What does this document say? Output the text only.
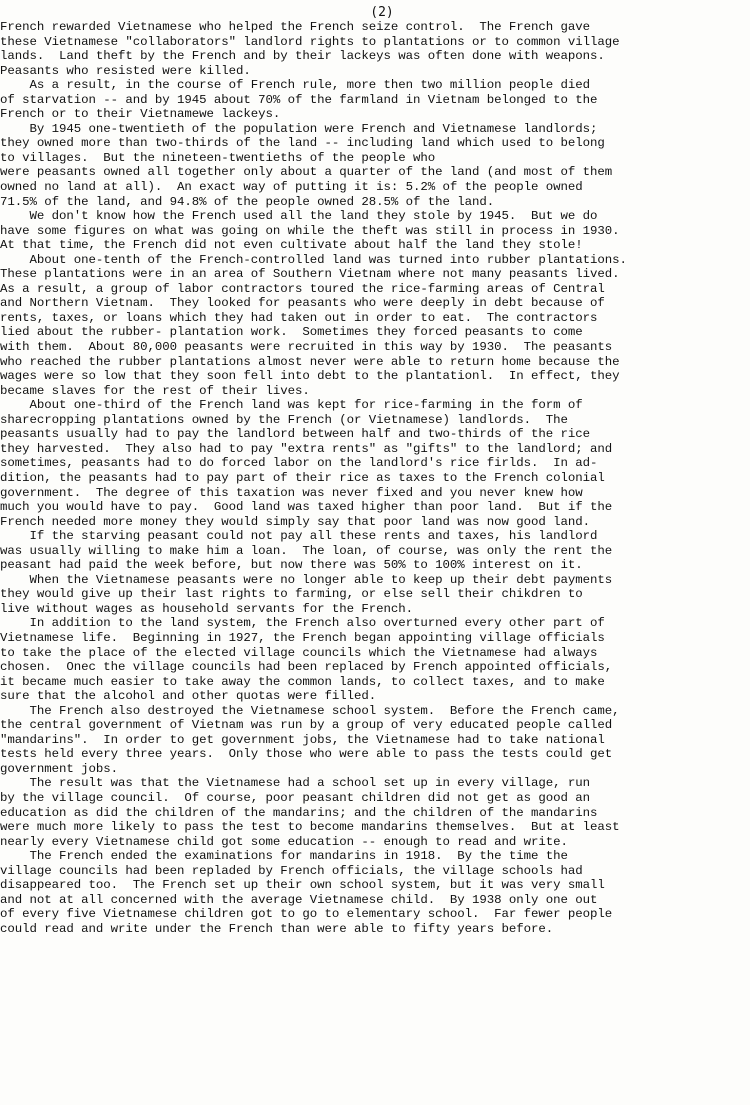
(2)
French rewarded Vietnamese who helped the French seize control.  The French gave
these Vietnamese "collaborators" landlord rights to plantations or to common village
lands.  Land theft by the French and by their lackeys was often done with weapons.
Peasants who resisted were killed.
As a result, in the course of French rule, more then two million people died
of starvation -- and by 1945 about 70% of the farmland in Vietnam belonged to the
French or to their Vietnamewe lackeys.
By 1945 one-twentieth of the population were French and Vietnamese landlords;
they owned more than two-thirds of the land -- including land which used to belong
to villages.  But the nineteen-twentieths of the people who
were peasants owned all together only about a quarter of the land (and most of them
owned no land at all).  An exact way of putting it is: 5.2% of the people owned
71.5% of the land, and 94.8% of the people owned 28.5% of the land.
We don't know how the French used all the land they stole by 1945.  But we do
have some figures on what was going on while the theft was still in process in 1930.
At that time, the French did not even cultivate about half the land they stole!
About one-tenth of the French-controlled land was turned into rubber plantations.
These plantations were in an area of Southern Vietnam where not many peasants lived.
As a result, a group of labor contractors toured the rice-farming areas of Central
and Northern Vietnam.  They looked for peasants who were deeply in debt because of
rents, taxes, or loans which they had taken out in order to eat.  The contractors
lied about the rubber- plantation work.  Sometimes they forced peasants to come
with them.  About 80,000 peasants were recruited in this way by 1930.  The peasants
who reached the rubber plantations almost never were able to return home because the
wages were so low that they soon fell into debt to the plantationl.  In effect, they
became slaves for the rest of their lives.
About one-third of the French land was kept for rice-farming in the form of
sharecropping plantations owned by the French (or Vietnamese) landlords.  The
peasants usually had to pay the landlord between half and two-thirds of the rice
they harvested.  They also had to pay "extra rents" as "gifts" to the landlord; and
sometimes, peasants had to do forced labor on the landlord's rice firlds.  In ad-
dition, the peasants had to pay part of their rice as taxes to the French colonial
government.  The degree of this taxation was never fixed and you never knew how
much you would have to pay.  Good land was taxed higher than poor land.  But if the
French needed more money they would simply say that poor land was now good land.
If the starving peasant could not pay all these rents and taxes, his landlord
was usually willing to make him a loan.  The loan, of course, was only the rent the
peasant had paid the week before, but now there was 50% to 100% interest on it.
When the Vietnamese peasants were no longer able to keep up their debt payments
they would give up their last rights to farming, or else sell their chikdren to
live without wages as household servants for the French.
In addition to the land system, the French also overturned every other part of
Vietnamese life.  Beginning in 1927, the French began appointing village officials
to take the place of the elected village councils which the Vietnamese had always
chosen.  Onec the village councils had been replaced by French appointed officials,
it became much easier to take away the common lands, to collect taxes, and to make
sure that the alcohol and other quotas were filled.
The French also destroyed the Vietnamese school system.  Before the French came,
the central government of Vietnam was run by a group of very educated people called
"mandarins".  In order to get government jobs, the Vietnamese had to take national
tests held every three years.  Only those who were able to pass the tests could get
government jobs.
The result was that the Vietnamese had a school set up in every village, run
by the village council.  Of course, poor peasant children did not get as good an
education as did the children of the mandarins; and the children of the mandarins
were much more likely to pass the test to become mandarins themselves.  But at least
nearly every Vietnamese child got some education -- enough to read and write.
The French ended the examinations for mandarins in 1918.  By the time the
village councils had been repladed by French officials, the village schools had
disappeared too.  The French set up their own school system, but it was very small
and not at all concerned with the average Vietnamese child.  By 1938 only one out
of every five Vietnamese children got to go to elementary school.  Far fewer people
could read and write under the French than were able to fifty years before.
